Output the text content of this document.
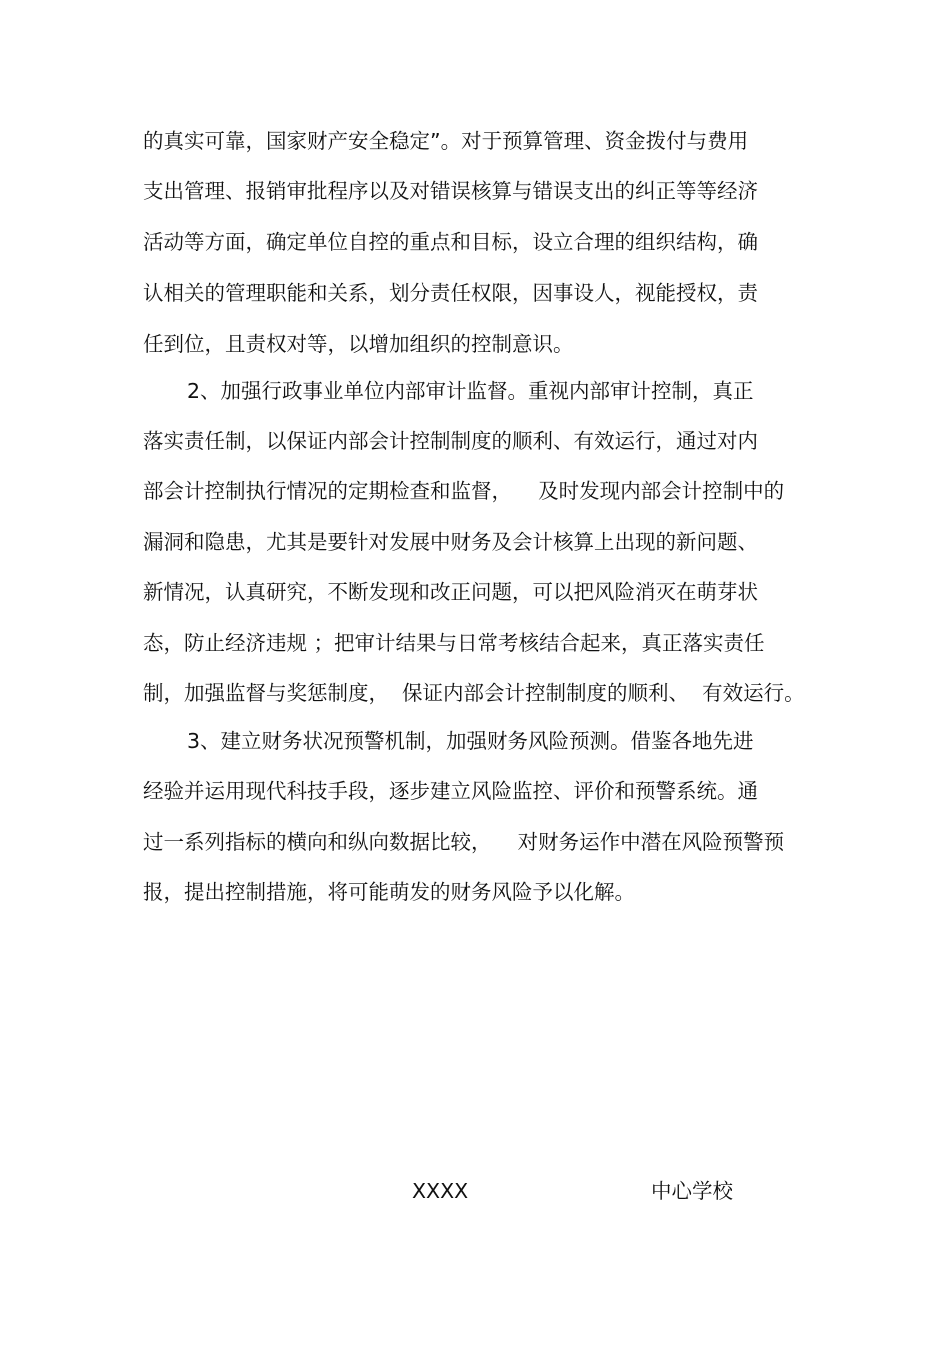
的真实可靠，国家财产安全稳定”。对于预算管理、资金拨付与费用
支出管理、报销审批程序以及对错误核算与错误支出的纠正等等经济
活动等方面，确定单位自控的重点和目标，设立合理的组织结构，确
认相关的管理职能和关系，划分责任权限，因事设人，视能授权，责
任到位，且责权对等，以增加组织的控制意识。
2、加强行政事业单位内部审计监督。重视内部审计控制，真正
落实责任制，以保证内部会计控制制度的顺利、有效运行，通过对内
部会计控制执行情况的定期检查和监督，    及时发现内部会计控制中的
漏洞和隐患，尤其是要针对发展中财务及会计核算上出现的新问题、
新情况，认真研究，不断发现和改正问题，可以把风险消灭在萌芽状
态，防止经济违规 ；把审计结果与日常考核结合起来，真正落实责任
制，加强监督与奖惩制度，  保证内部会计控制制度的顺利、  有效运行。
3、建立财务状况预警机制，加强财务风险预测。借鉴各地先进
经验并运用现代科技手段，逐步建立风险监控、评价和预警系统。通
过一系列指标的横向和纵向数据比较，    对财务运作中潜在风险预警预
报，提出控制措施，将可能萌发的财务风险予以化解。
XXXX	中心学校
